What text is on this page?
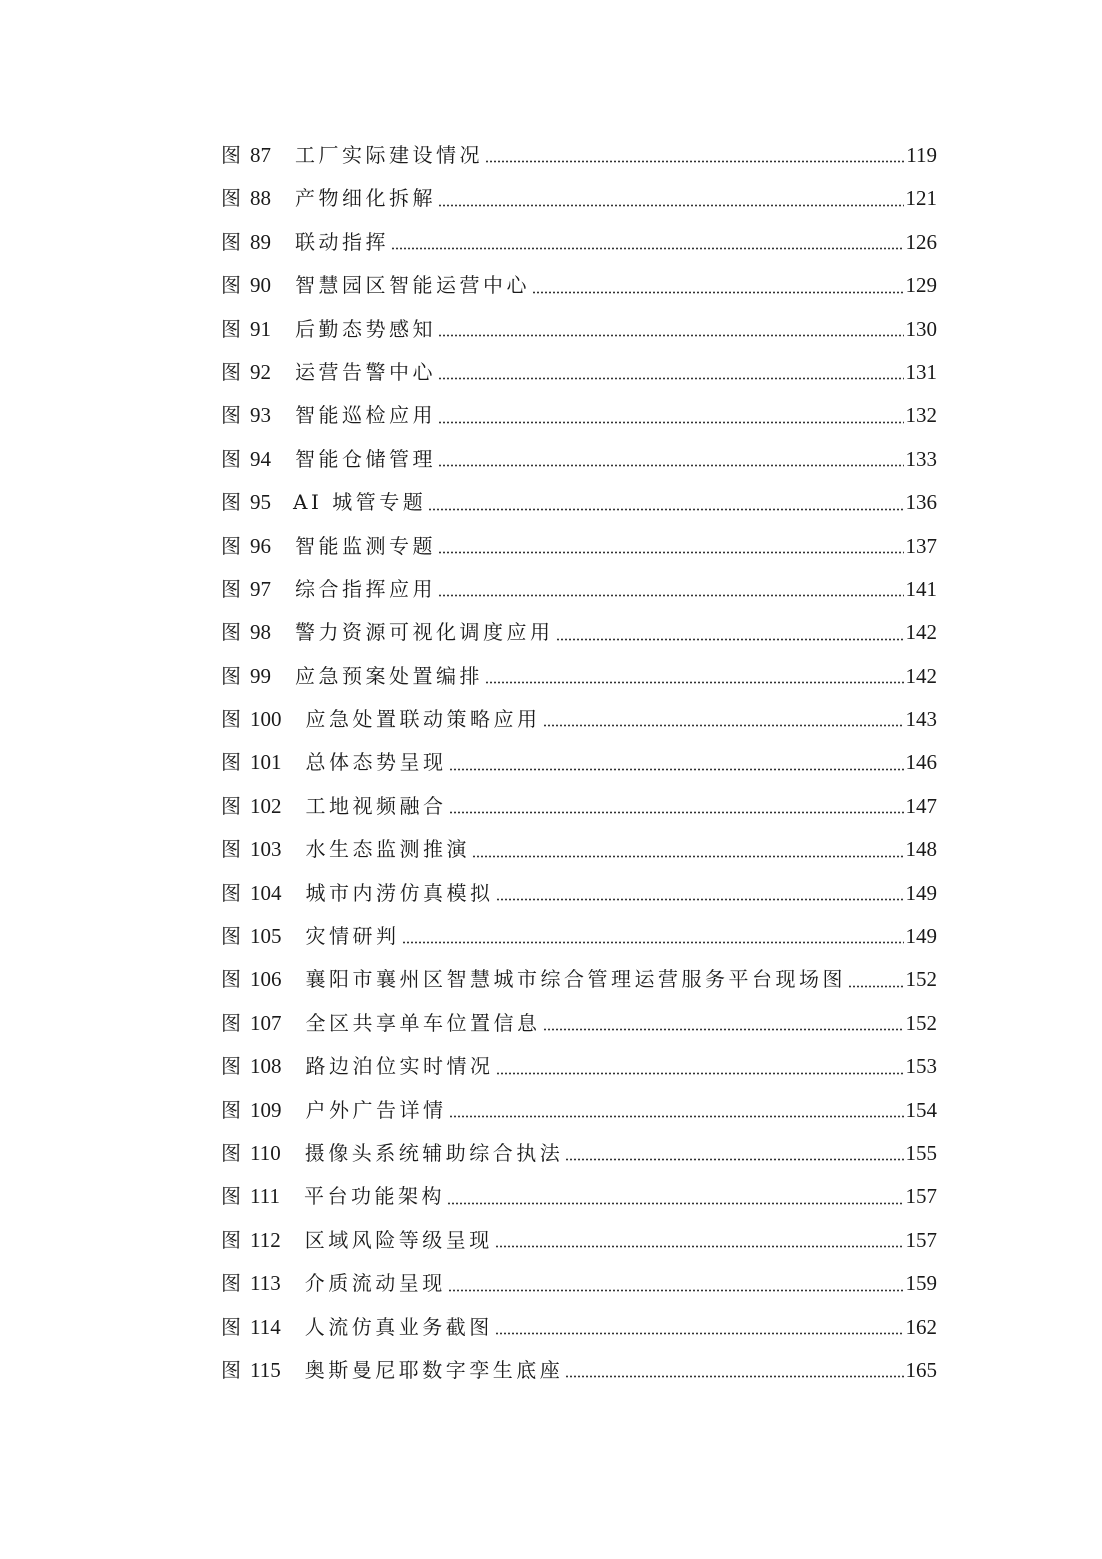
图 87 工厂实际建设情况	119
图 88 产物细化拆解	121
图 89 联动指挥	126
图 90 智慧园区智能运营中心	129
图 91 后勤态势感知	130
图 92 运营告警中心	131
图 93 智能巡检应用	132
图 94 智能仓储管理	133
图 95 AI 城管专题	136
图 96 智能监测专题	137
图 97 综合指挥应用	141
图 98 警力资源可视化调度应用	142
图 99 应急预案处置编排	142
图 100 应急处置联动策略应用	143
图 101 总体态势呈现	146
图 102 工地视频融合	147
图 103 水生态监测推演	148
图 104 城市内涝仿真模拟	149
图 105 灾情研判	149
图 106 襄阳市襄州区智慧城市综合管理运营服务平台现场图	152
图 107 全区共享单车位置信息	152
图 108 路边泊位实时情况	153
图 109 户外广告详情	154
图 110 摄像头系统辅助综合执法	155
图 111 平台功能架构	157
图 112 区域风险等级呈现	157
图 113 介质流动呈现	159
图 114 人流仿真业务截图	162
图 115 奥斯曼尼耶数字孪生底座	165
